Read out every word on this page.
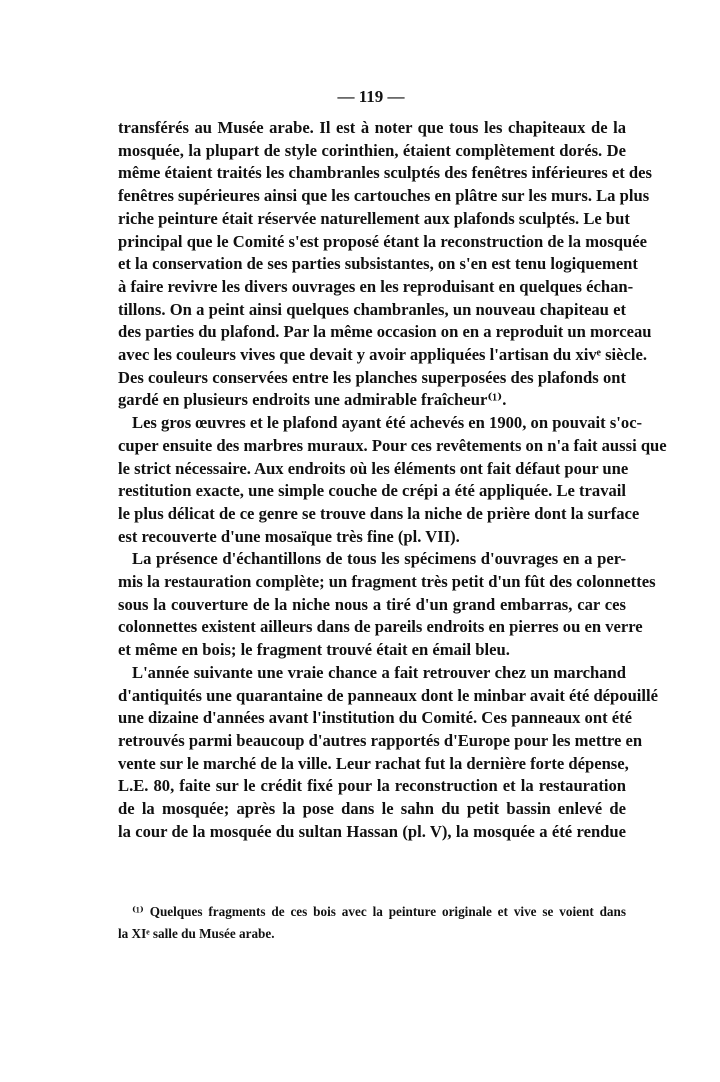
— 119 —
transférés au Musée arabe. Il est à noter que tous les chapiteaux de la
mosquée, la plupart de style corinthien, étaient complètement dorés. De
même étaient traités les chambranles sculptés des fenêtres inférieures et des
fenêtres supérieures ainsi que les cartouches en plâtre sur les murs. La plus
riche peinture était réservée naturellement aux plafonds sculptés. Le but
principal que le Comité s'est proposé étant la reconstruction de la mosquée
et la conservation de ses parties subsistantes, on s'en est tenu logiquement
à faire revivre les divers ouvrages en les reproduisant en quelques échan-
tillons. On a peint ainsi quelques chambranles, un nouveau chapiteau et
des parties du plafond. Par la même occasion on en a reproduit un morceau
avec les couleurs vives que devait y avoir appliquées l'artisan du xivᵉ siècle.
Des couleurs conservées entre les planches superposées des plafonds ont
gardé en plusieurs endroits une admirable fraîcheur⁽¹⁾.
Les gros œuvres et le plafond ayant été achevés en 1900, on pouvait s'oc-
cuper ensuite des marbres muraux. Pour ces revêtements on n'a fait aussi que
le strict nécessaire. Aux endroits où les éléments ont fait défaut pour une
restitution exacte, une simple couche de crépi a été appliquée. Le travail
le plus délicat de ce genre se trouve dans la niche de prière dont la surface
est recouverte d'une mosaïque très fine (pl. VII).
La présence d'échantillons de tous les spécimens d'ouvrages en a per-
mis la restauration complète; un fragment très petit d'un fût des colonnettes
sous la couverture de la niche nous a tiré d'un grand embarras, car ces
colonnettes existent ailleurs dans de pareils endroits en pierres ou en verre
et même en bois; le fragment trouvé était en émail bleu.
L'année suivante une vraie chance a fait retrouver chez un marchand
d'antiquités une quarantaine de panneaux dont le minbar avait été dépouillé
une dizaine d'années avant l'institution du Comité. Ces panneaux ont été
retrouvés parmi beaucoup d'autres rapportés d'Europe pour les mettre en
vente sur le marché de la ville. Leur rachat fut la dernière forte dépense,
L.E. 80, faite sur le crédit fixé pour la reconstruction et la restauration
de la mosquée; après la pose dans le sahn du petit bassin enlevé de
la cour de la mosquée du sultan Hassan (pl. V), la mosquée a été rendue
⁽¹⁾ Quelques fragments de ces bois avec la peinture originale et vive se voient dans
la XIᵉ salle du Musée arabe.
